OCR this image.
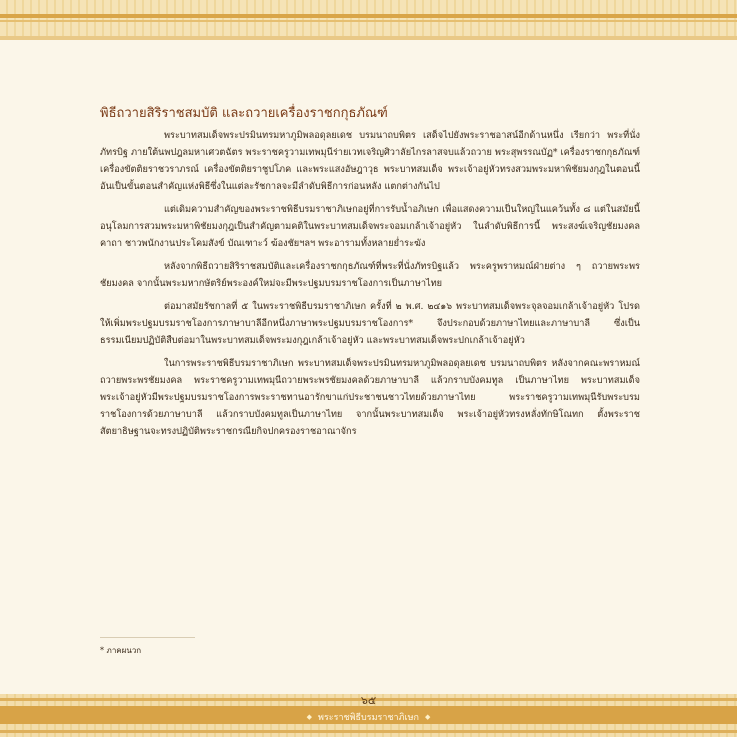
พิธีถวายสิริราชสมบัติ และถวายเครื่องราชกกุธภัณฑ์

พระบาทสมเด็จพระปรมินทรมหาภูมิพลอดุลยเดช บรมนาถบพิตร เสด็จไปยังพระราชอาสน์อีกด้านหนึ่ง เรียกว่า พระที่นั่งภัทรบิฐ ภายใต้นพปฎลมหาเศวตฉัตร พระราชครูวามเทพมุนีร่ายเวทเจริญศิวาลัยไกรลาสจบแล้วถวาย พระสุพรรณบัฏ* เครื่องราชกกุธภัณฑ์ เครื่องขัตติยราชวราภรณ์ เครื่องขัตติยราชูปโภค และพระแสงอัษฎาวุธ พระบาทสมเด็จ พระเจ้าอยู่หัวทรงสวมพระมหาพิชัยมงกุฎในตอนนี้ อันเป็นขั้นตอนสำคัญแห่งพิธีซึ่งในแต่ละรัชกาลจะมีลำดับพิธีการก่อนหลัง แตกต่างกันไป

แต่เดิมความสำคัญของพระราชพิธีบรมราชาภิเษกอยู่ที่การรับน้ำอภิเษก เพื่อแสดงความเป็นใหญ่ในแคว้นทั้ง ๘ แต่ในสมัยนี้อนุโลมการสวมพระมหาพิชัยมงกุฎเป็นสำคัญตามคติในพระบาทสมเด็จพระจอมเกล้าเจ้าอยู่หัว ในลำดับพิธีการนี้ พระสงฆ์เจริญชัยมงคลคาถา ชาวพนักงานประโคมสังข์ บัณเฑาะว์ ฆ้องชัยฯลฯ พระอารามทั้งหลายย่ำระฆัง

หลังจากพิธีถวายสิริราชสมบัติและเครื่องราชกกุธภัณฑ์ที่พระที่นั่งภัทรบิฐแล้ว พระครูพราหมณ์ฝ่ายต่าง ๆ ถวายพระพรชัยมงคล จากนั้นพระมหากษัตริย์พระองค์ใหม่จะมีพระปฐมบรมราชโองการเป็นภาษาไทย

ต่อมาสมัยรัชกาลที่ ๕ ในพระราชพิธีบรมราชาภิเษก ครั้งที่ ๒ พ.ศ. ๒๔๑๖ พระบาทสมเด็จพระจุลจอมเกล้าเจ้าอยู่หัว โปรดให้เพิ่มพระปฐมบรมราชโองการภาษาบาลีอีกหนึ่งภาษาพระปฐมบรมราชโองการ* จึงประกอบด้วยภาษาไทยและภาษาบาลี ซึ่งเป็นธรรมเนียมปฏิบัติสืบต่อมาในพระบาทสมเด็จพระมงกุฎเกล้าเจ้าอยู่หัว และพระบาทสมเด็จพระปกเกล้าเจ้าอยู่หัว

ในการพระราชพิธีบรมราชาภิเษก พระบาทสมเด็จพระปรมินทรมหาภูมิพลอดุลยเดช บรมนาถบพิตร หลังจากคณะพราหมณ์ถวายพระพรชัยมงคล พระราชครูวามเทพมุนีถวายพระพรชัยมงคลด้วยภาษาบาลี แล้วกราบบังคมทูล เป็นภาษาไทย พระบาทสมเด็จพระเจ้าอยู่หัวมีพระปฐมบรมราชโองการพระราชทานอารักขาแก่ประชาชนชาวไทยด้วยภาษาไทย พระราชครูวามเทพมุนีรับพระบรมราชโองการด้วยภาษาบาลี แล้วกราบบังคมทูลเป็นภาษาไทย จากนั้นพระบาทสมเด็จ พระเจ้าอยู่หัวทรงหลั่งทักษิโณทก ตั้งพระราชสัตยาธิษฐานจะทรงปฏิบัติพระราชกรณียกิจปกครองราชอาณาจักร

* ภาคผนวก
๖๕
◆ พระราชพิธีบรมราชาภิเษก ◆
